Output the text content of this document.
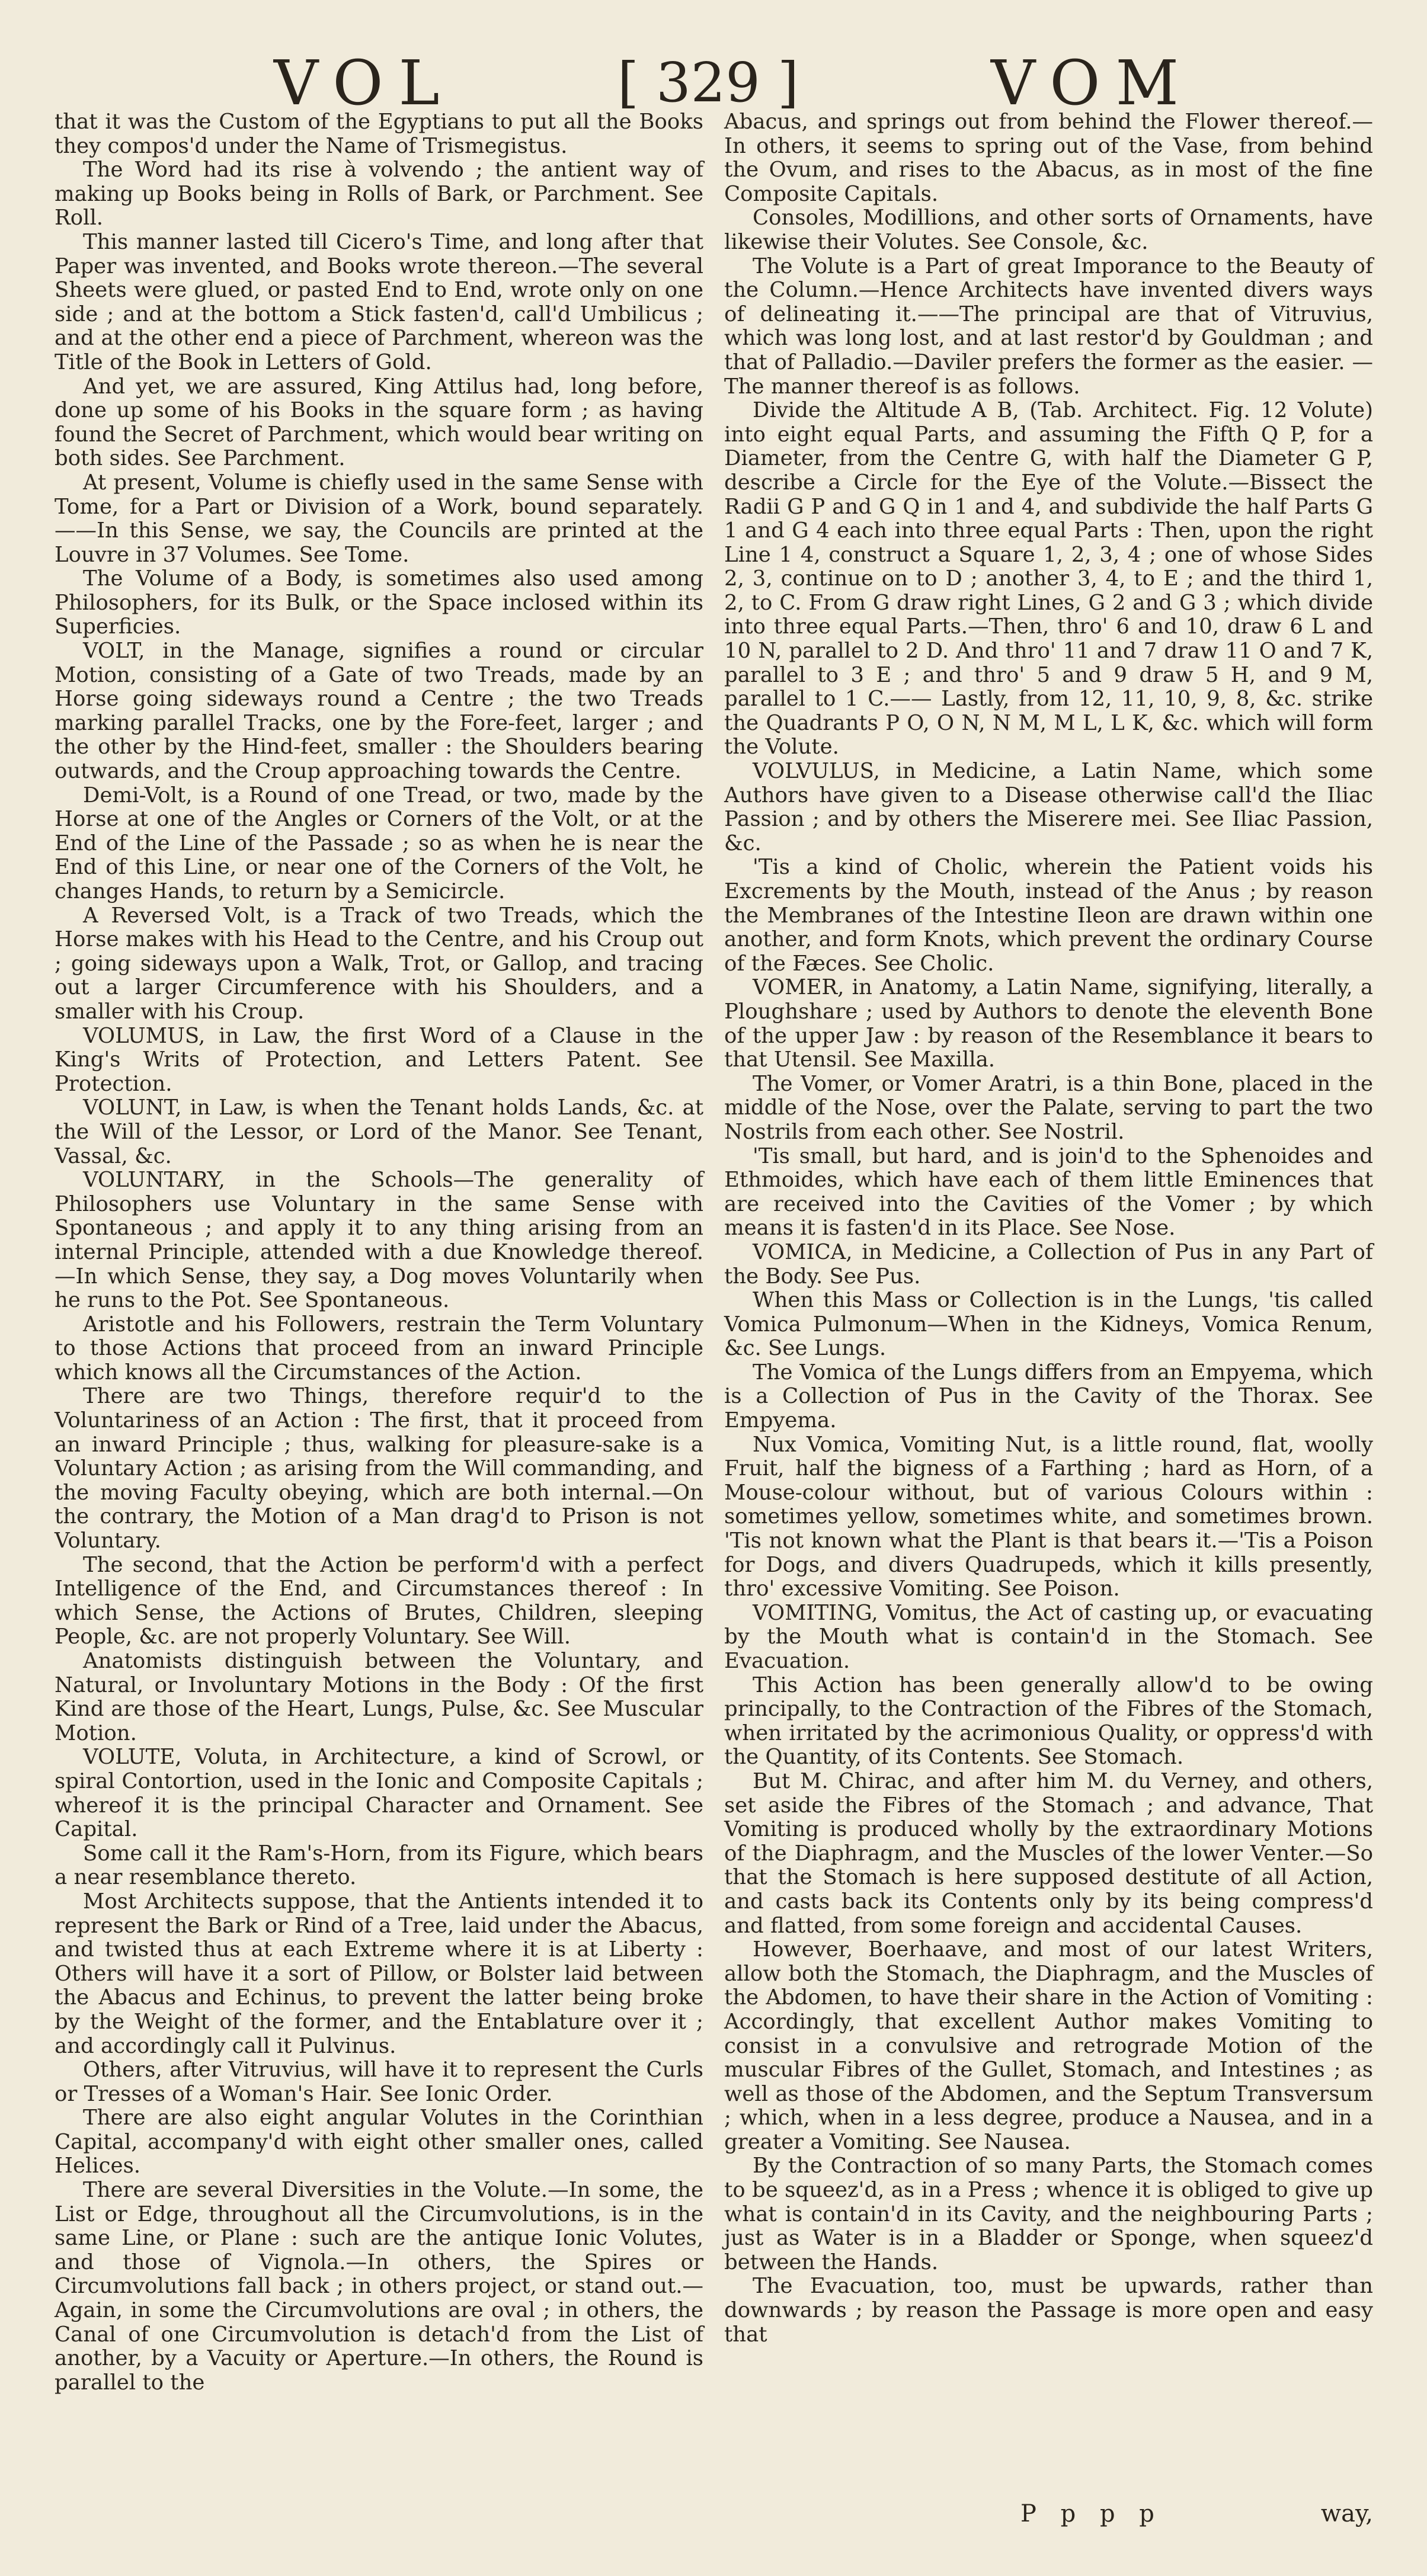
VOL	[ 329 ]	VOM

that it was the Custom of the Egyptians to put all the Books they compos'd under the Name of Trismegistus.

The Word had its rise à volvendo ; the antient way of making up Books being in Rolls of Bark, or Parchment. See Roll.

This manner lasted till Cicero's Time, and long after that Paper was invented, and Books wrote thereon.—The several Sheets were glued, or pasted End to End, wrote only on one side ; and at the bottom a Stick fasten'd, call'd Umbilicus ; and at the other end a piece of Parchment, whereon was the Title of the Book in Letters of Gold.

And yet, we are assured, King Attilus had, long before, done up some of his Books in the square form ; as having found the Secret of Parchment, which would bear writing on both sides. See Parchment.

At present, Volume is chiefly used in the same Sense with Tome, for a Part or Division of a Work, bound separately. ——In this Sense, we say, the Councils are printed at the Louvre in 37 Volumes. See Tome.

The Volume of a Body, is sometimes also used among Philosophers, for its Bulk, or the Space inclosed within its Superficies.

VOLT, in the Manage, signifies a round or circular Motion, consisting of a Gate of two Treads, made by an Horse going sideways round a Centre ; the two Treads marking parallel Tracks, one by the Fore-feet, larger ; and the other by the Hind-feet, smaller : the Shoulders bearing outwards, and the Croup approaching towards the Centre.

Demi-Volt, is a Round of one Tread, or two, made by the Horse at one of the Angles or Corners of the Volt, or at the End of the Line of the Passade ; so as when he is near the End of this Line, or near one of the Corners of the Volt, he changes Hands, to return by a Semicircle.

A Reversed Volt, is a Track of two Treads, which the Horse makes with his Head to the Centre, and his Croup out ; going sideways upon a Walk, Trot, or Gallop, and tracing out a larger Circumference with his Shoulders, and a smaller with his Croup.

VOLUMUS, in Law, the first Word of a Clause in the King's Writs of Protection, and Letters Patent. See Protection.

VOLUNT, in Law, is when the Tenant holds Lands, &c. at the Will of the Lessor, or Lord of the Manor. See Tenant, Vassal, &c.

VOLUNTARY, in the Schools—The generality of Philosophers use Voluntary in the same Sense with Spontaneous ; and apply it to any thing arising from an internal Principle, attended with a due Knowledge thereof.—In which Sense, they say, a Dog moves Voluntarily when he runs to the Pot. See Spontaneous.

Aristotle and his Followers, restrain the Term Voluntary to those Actions that proceed from an inward Principle which knows all the Circumstances of the Action.

There are two Things, therefore requir'd to the Voluntariness of an Action : The first, that it proceed from an inward Principle ; thus, walking for pleasure-sake is a Voluntary Action ; as arising from the Will commanding, and the moving Faculty obeying, which are both internal.—On the contrary, the Motion of a Man drag'd to Prison is not Voluntary.

The second, that the Action be perform'd with a perfect Intelligence of the End, and Circumstances thereof : In which Sense, the Actions of Brutes, Children, sleeping People, &c. are not properly Voluntary. See Will.

Anatomists distinguish between the Voluntary, and Natural, or Involuntary Motions in the Body : Of the first Kind are those of the Heart, Lungs, Pulse, &c. See Muscular Motion.

VOLUTE, Voluta, in Architecture, a kind of Scrowl, or spiral Contortion, used in the Ionic and Composite Capitals ; whereof it is the principal Character and Ornament. See Capital.

Some call it the Ram's-Horn, from its Figure, which bears a near resemblance thereto.

Most Architects suppose, that the Antients intended it to represent the Bark or Rind of a Tree, laid under the Abacus, and twisted thus at each Extreme where it is at Liberty : Others will have it a sort of Pillow, or Bolster laid between the Abacus and Echinus, to prevent the latter being broke by the Weight of the former, and the Entablature over it ; and accordingly call it Pulvinus.

Others, after Vitruvius, will have it to represent the Curls or Tresses of a Woman's Hair. See Ionic Order.

There are also eight angular Volutes in the Corinthian Capital, accompany'd with eight other smaller ones, called Helices.

There are several Diversities in the Volute.—In some, the List or Edge, throughout all the Circumvolutions, is in the same Line, or Plane : such are the antique Ionic Volutes, and those of Vignola.—In others, the Spires or Circumvolutions fall back ; in others project, or stand out.—Again, in some the Circumvolutions are oval ; in others, the Canal of one Circumvolution is detach'd from the List of another, by a Vacuity or Aperture.—In others, the Round is parallel to the

Abacus, and springs out from behind the Flower thereof.—In others, it seems to spring out of the Vase, from behind the Ovum, and rises to the Abacus, as in most of the fine Composite Capitals.

Consoles, Modillions, and other sorts of Ornaments, have likewise their Volutes. See Console, &c.

The Volute is a Part of great Imporance to the Beauty of the Column.—Hence Architects have invented divers ways of delineating it.——The principal are that of Vitruvius, which was long lost, and at last restor'd by Gouldman ; and that of Palladio.—Daviler prefers the former as the easier. —The manner thereof is as follows.

Divide the Altitude A B, (Tab. Architect. Fig. 12 Volute) into eight equal Parts, and assuming the Fifth Q P, for a Diameter, from the Centre G, with half the Diameter G P, describe a Circle for the Eye of the Volute.—Bissect the Radii G P and G Q in 1 and 4, and subdivide the half Parts G 1 and G 4 each into three equal Parts : Then, upon the right Line 1 4, construct a Square 1, 2, 3, 4 ; one of whose Sides 2, 3, continue on to D ; another 3, 4, to E ; and the third 1, 2, to C. From G draw right Lines, G 2 and G 3 ; which divide into three equal Parts.—Then, thro' 6 and 10, draw 6 L and 10 N, parallel to 2 D. And thro' 11 and 7 draw 11 O and 7 K, parallel to 3 E ; and thro' 5 and 9 draw 5 H, and 9 M, parallel to 1 C.—— Lastly, from 12, 11, 10, 9, 8, &c. strike the Quadrants P O, O N, N M, M L, L K, &c. which will form the Volute.

VOLVULUS, in Medicine, a Latin Name, which some Authors have given to a Disease otherwise call'd the Iliac Passion ; and by others the Miserere mei. See Iliac Passion, &c.

'Tis a kind of Cholic, wherein the Patient voids his Excrements by the Mouth, instead of the Anus ; by reason the Membranes of the Intestine Ileon are drawn within one another, and form Knots, which prevent the ordinary Course of the Fæces. See Cholic.

VOMER, in Anatomy, a Latin Name, signifying, literally, a Ploughshare ; used by Authors to denote the eleventh Bone of the upper Jaw : by reason of the Resemblance it bears to that Utensil. See Maxilla.

The Vomer, or Vomer Aratri, is a thin Bone, placed in the middle of the Nose, over the Palate, serving to part the two Nostrils from each other. See Nostril.

'Tis small, but hard, and is join'd to the Sphenoides and Ethmoides, which have each of them little Eminences that are received into the Cavities of the Vomer ; by which means it is fasten'd in its Place. See Nose.

VOMICA, in Medicine, a Collection of Pus in any Part of the Body. See Pus.

When this Mass or Collection is in the Lungs, 'tis called Vomica Pulmonum—When in the Kidneys, Vomica Renum, &c. See Lungs.

The Vomica of the Lungs differs from an Empyema, which is a Collection of Pus in the Cavity of the Thorax. See Empyema.

Nux Vomica, Vomiting Nut, is a little round, flat, woolly Fruit, half the bigness of a Farthing ; hard as Horn, of a Mouse-colour without, but of various Colours within : sometimes yellow, sometimes white, and sometimes brown. 'Tis not known what the Plant is that bears it.—'Tis a Poison for Dogs, and divers Quadrupeds, which it kills presently, thro' excessive Vomiting. See Poison.

VOMITING, Vomitus, the Act of casting up, or evacuating by the Mouth what is contain'd in the Stomach. See Evacuation.

This Action has been generally allow'd to be owing principally, to the Contraction of the Fibres of the Stomach, when irritated by the acrimonious Quality, or oppress'd with the Quantity, of its Contents. See Stomach.

But M. Chirac, and after him M. du Verney, and others, set aside the Fibres of the Stomach ; and advance, That Vomiting is produced wholly by the extraordinary Motions of the Diaphragm, and the Muscles of the lower Venter.—So that the Stomach is here supposed destitute of all Action, and casts back its Contents only by its being compress'd and flatted, from some foreign and accidental Causes.

However, Boerhaave, and most of our latest Writers, allow both the Stomach, the Diaphragm, and the Muscles of the Abdomen, to have their share in the Action of Vomiting : Accordingly, that excellent Author makes Vomiting to consist in a convulsive and retrograde Motion of the muscular Fibres of the Gullet, Stomach, and Intestines ; as well as those of the Abdomen, and the Septum Transversum ; which, when in a less degree, produce a Nausea, and in a greater a Vomiting. See Nausea.

By the Contraction of so many Parts, the Stomach comes to be squeez'd, as in a Press ; whence it is obliged to give up what is contain'd in its Cavity, and the neighbouring Parts ; just as Water is in a Bladder or Sponge, when squeez'd between the Hands.

The Evacuation, too, must be upwards, rather than downwards ; by reason the Passage is more open and easy that

P p p p	way,
